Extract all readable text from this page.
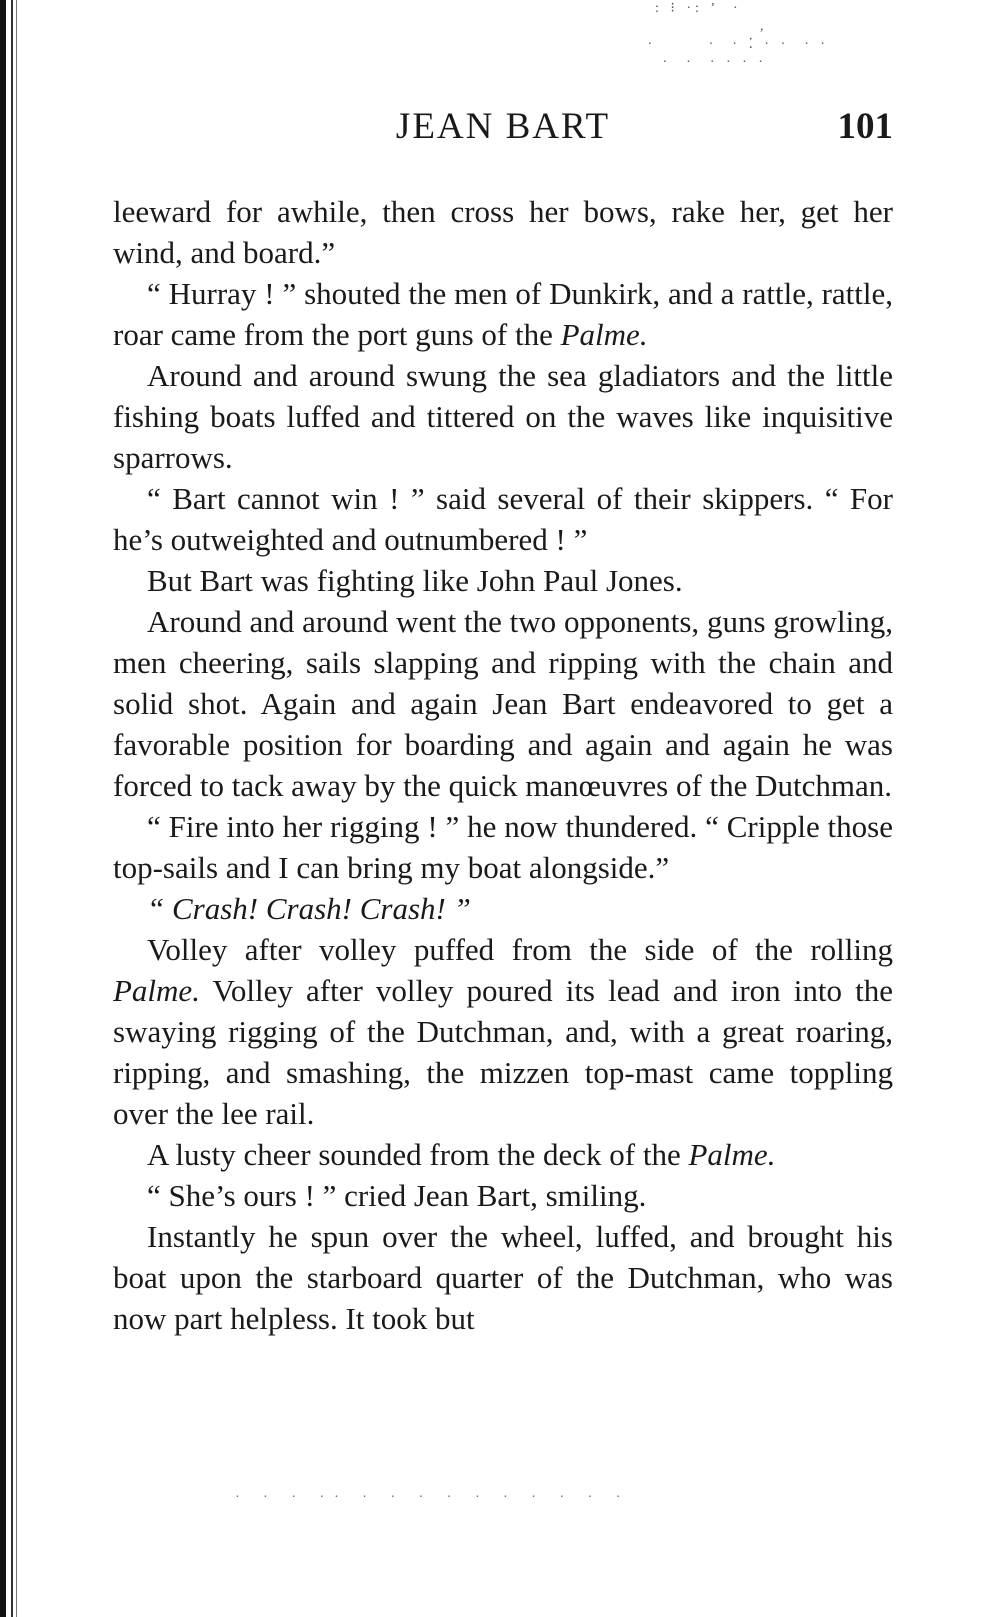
: ⁝ ·: ’  ·
,
·       ·  · ⁚ · ·  · ·
·  ·  · · · ·
JEAN BART	101

leeward for awhile, then cross her bows, rake her, get her wind, and board.”

“ Hurray ! ” shouted the men of Dunkirk, and a rattle, rattle, roar came from the port guns of the Palme.

Around and around swung the sea gladiators and the little fishing boats luffed and tittered on the waves like inquisitive sparrows.

“ Bart cannot win ! ” said several of their skippers. “ For he’s outweighted and outnumbered ! ”

But Bart was fighting like John Paul Jones.

Around and around went the two opponents, guns growling, men cheering, sails slapping and ripping with the chain and solid shot. Again and again Jean Bart endeavored to get a favorable position for boarding and again and again he was forced to tack away by the quick manœuvres of the Dutchman.

“ Fire into her rigging ! ” he now thundered. “ Cripple those top-sails and I can bring my boat alongside.”

“ Crash! Crash! Crash! ”

Volley after volley puffed from the side of the rolling Palme. Volley after volley poured its lead and iron into the swaying rigging of the Dutchman, and, with a great roaring, ripping, and smashing, the mizzen top-mast came toppling over the lee rail.

A lusty cheer sounded from the deck of the Palme.

“ She’s ours ! ” cried Jean Bart, smiling.

Instantly he spun over the wheel, luffed, and brought his boat upon the starboard quarter of the Dutchman, who was now part helpless. It took but

· · · ·· · · · · · · · · · ·
